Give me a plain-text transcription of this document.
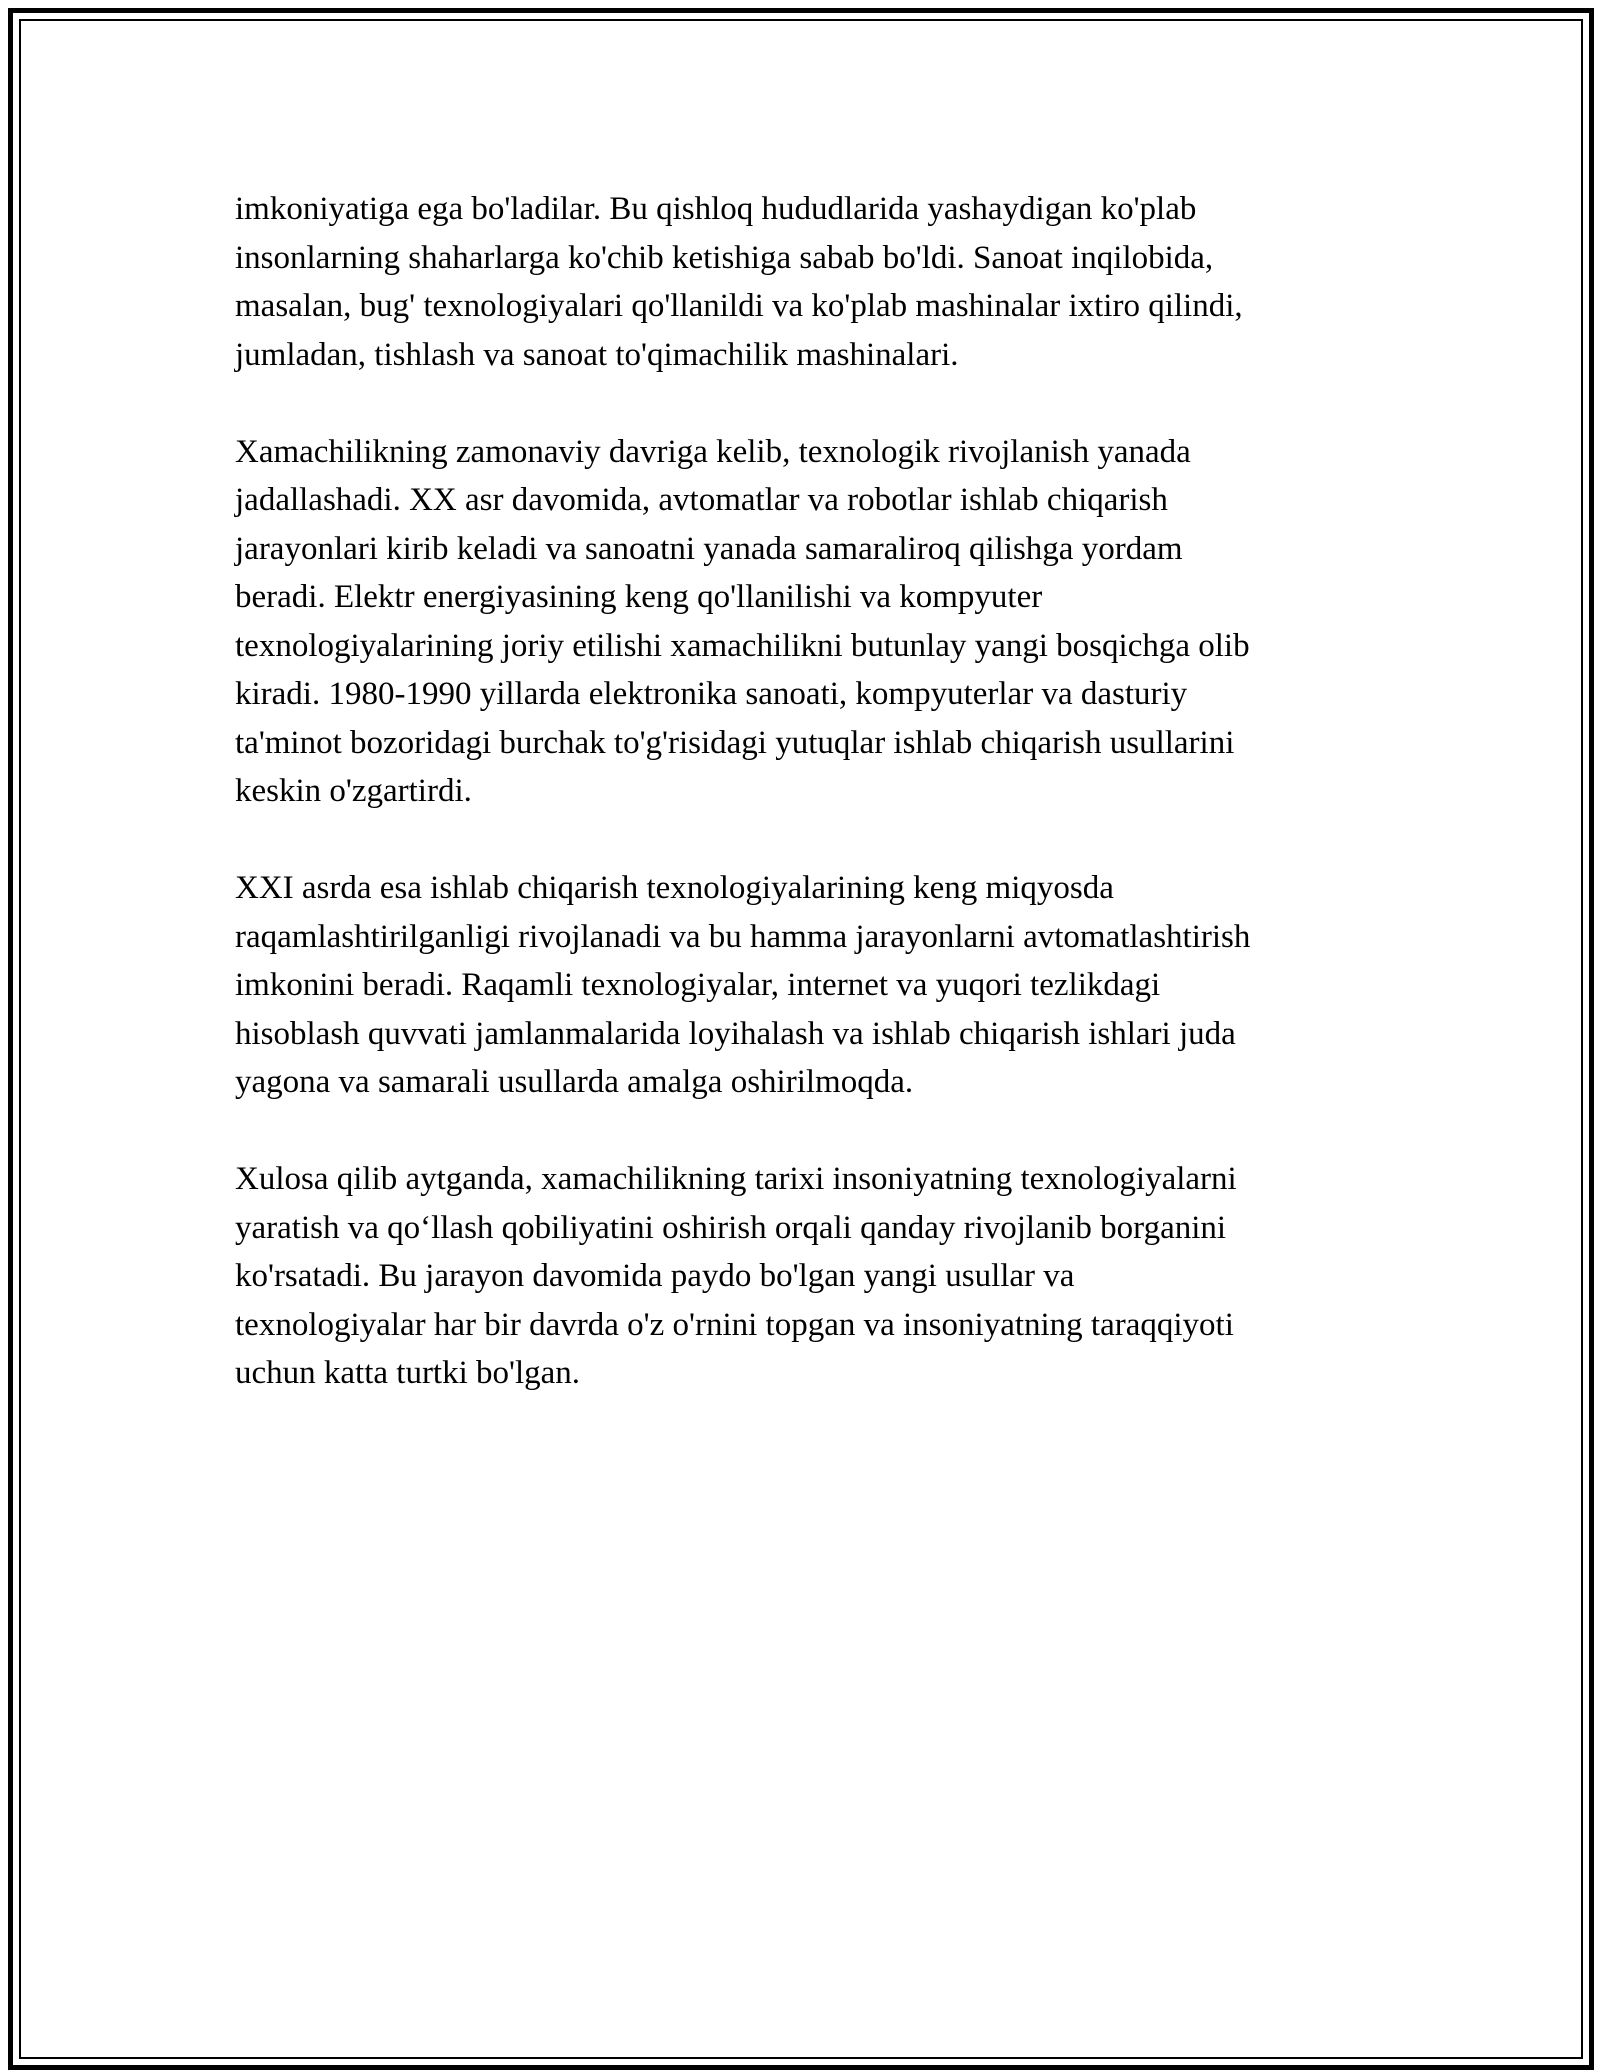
imkoniyatiga ega bo'ladilar. Bu qishloq hududlarida yashaydigan ko'plab
insonlarning shaharlarga ko'chib ketishiga sabab bo'ldi. Sanoat inqilobida,
masalan, bug' texnologiyalari qo'llanildi va ko'plab mashinalar ixtiro qilindi,
jumladan, tishlash va sanoat to'qimachilik mashinalari.

Xamachilikning zamonaviy davriga kelib, texnologik rivojlanish yanada
jadallashadi. XX asr davomida, avtomatlar va robotlar ishlab chiqarish
jarayonlari kirib keladi va sanoatni yanada samaraliroq qilishga yordam
beradi. Elektr energiyasining keng qo'llanilishi va kompyuter
texnologiyalarining joriy etilishi xamachilikni butunlay yangi bosqichga olib
kiradi. 1980-1990 yillarda elektronika sanoati, kompyuterlar va dasturiy
ta'minot bozoridagi burchak to'g'risidagi yutuqlar ishlab chiqarish usullarini
keskin o'zgartirdi.

XXI asrda esa ishlab chiqarish texnologiyalarining keng miqyosda
raqamlashtirilganligi rivojlanadi va bu hamma jarayonlarni avtomatlashtirish
imkonini beradi. Raqamli texnologiyalar, internet va yuqori tezlikdagi
hisoblash quvvati jamlanmalarida loyihalash va ishlab chiqarish ishlari juda
yagona va samarali usullarda amalga oshirilmoqda.

Xulosa qilib aytganda, xamachilikning tarixi insoniyatning texnologiyalarni
yaratish va qo‘llash qobiliyatini oshirish orqali qanday rivojlanib borganini
ko'rsatadi. Bu jarayon davomida paydo bo'lgan yangi usullar va
texnologiyalar har bir davrda o'z o'rnini topgan va insoniyatning taraqqiyoti
uchun katta turtki bo'lgan.
